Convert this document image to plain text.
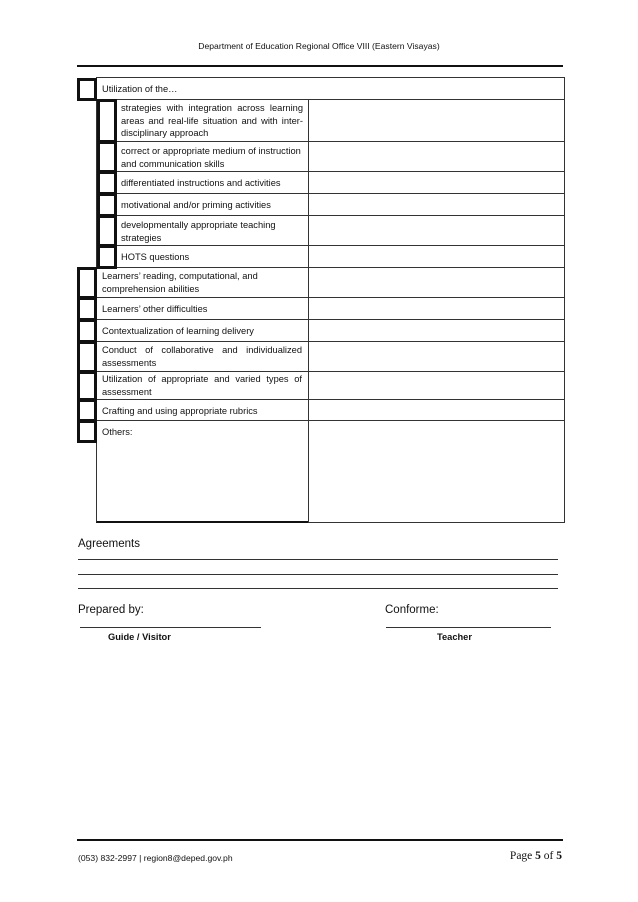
Department of Education Regional Office VIII (Eastern Visayas)
Utilization of the…
strategies with integration across learning areas and real-life situation and with inter-disciplinary approach
correct or appropriate medium of instruction and communication skills
differentiated instructions and activities
motivational and/or priming activities
developmentally appropriate teaching strategies
HOTS questions
Learners’ reading, computational, and comprehension abilities
Learners’ other difficulties
Contextualization of learning delivery
Conduct of collaborative and individualized assessments
Utilization of appropriate and varied types of assessment
Crafting and using appropriate rubrics
Others:
Agreements
Prepared by:	Conforme:
Guide / Visitor	Teacher
(053) 832-2997 | region8@deped.gov.ph	Page 5 of 5
